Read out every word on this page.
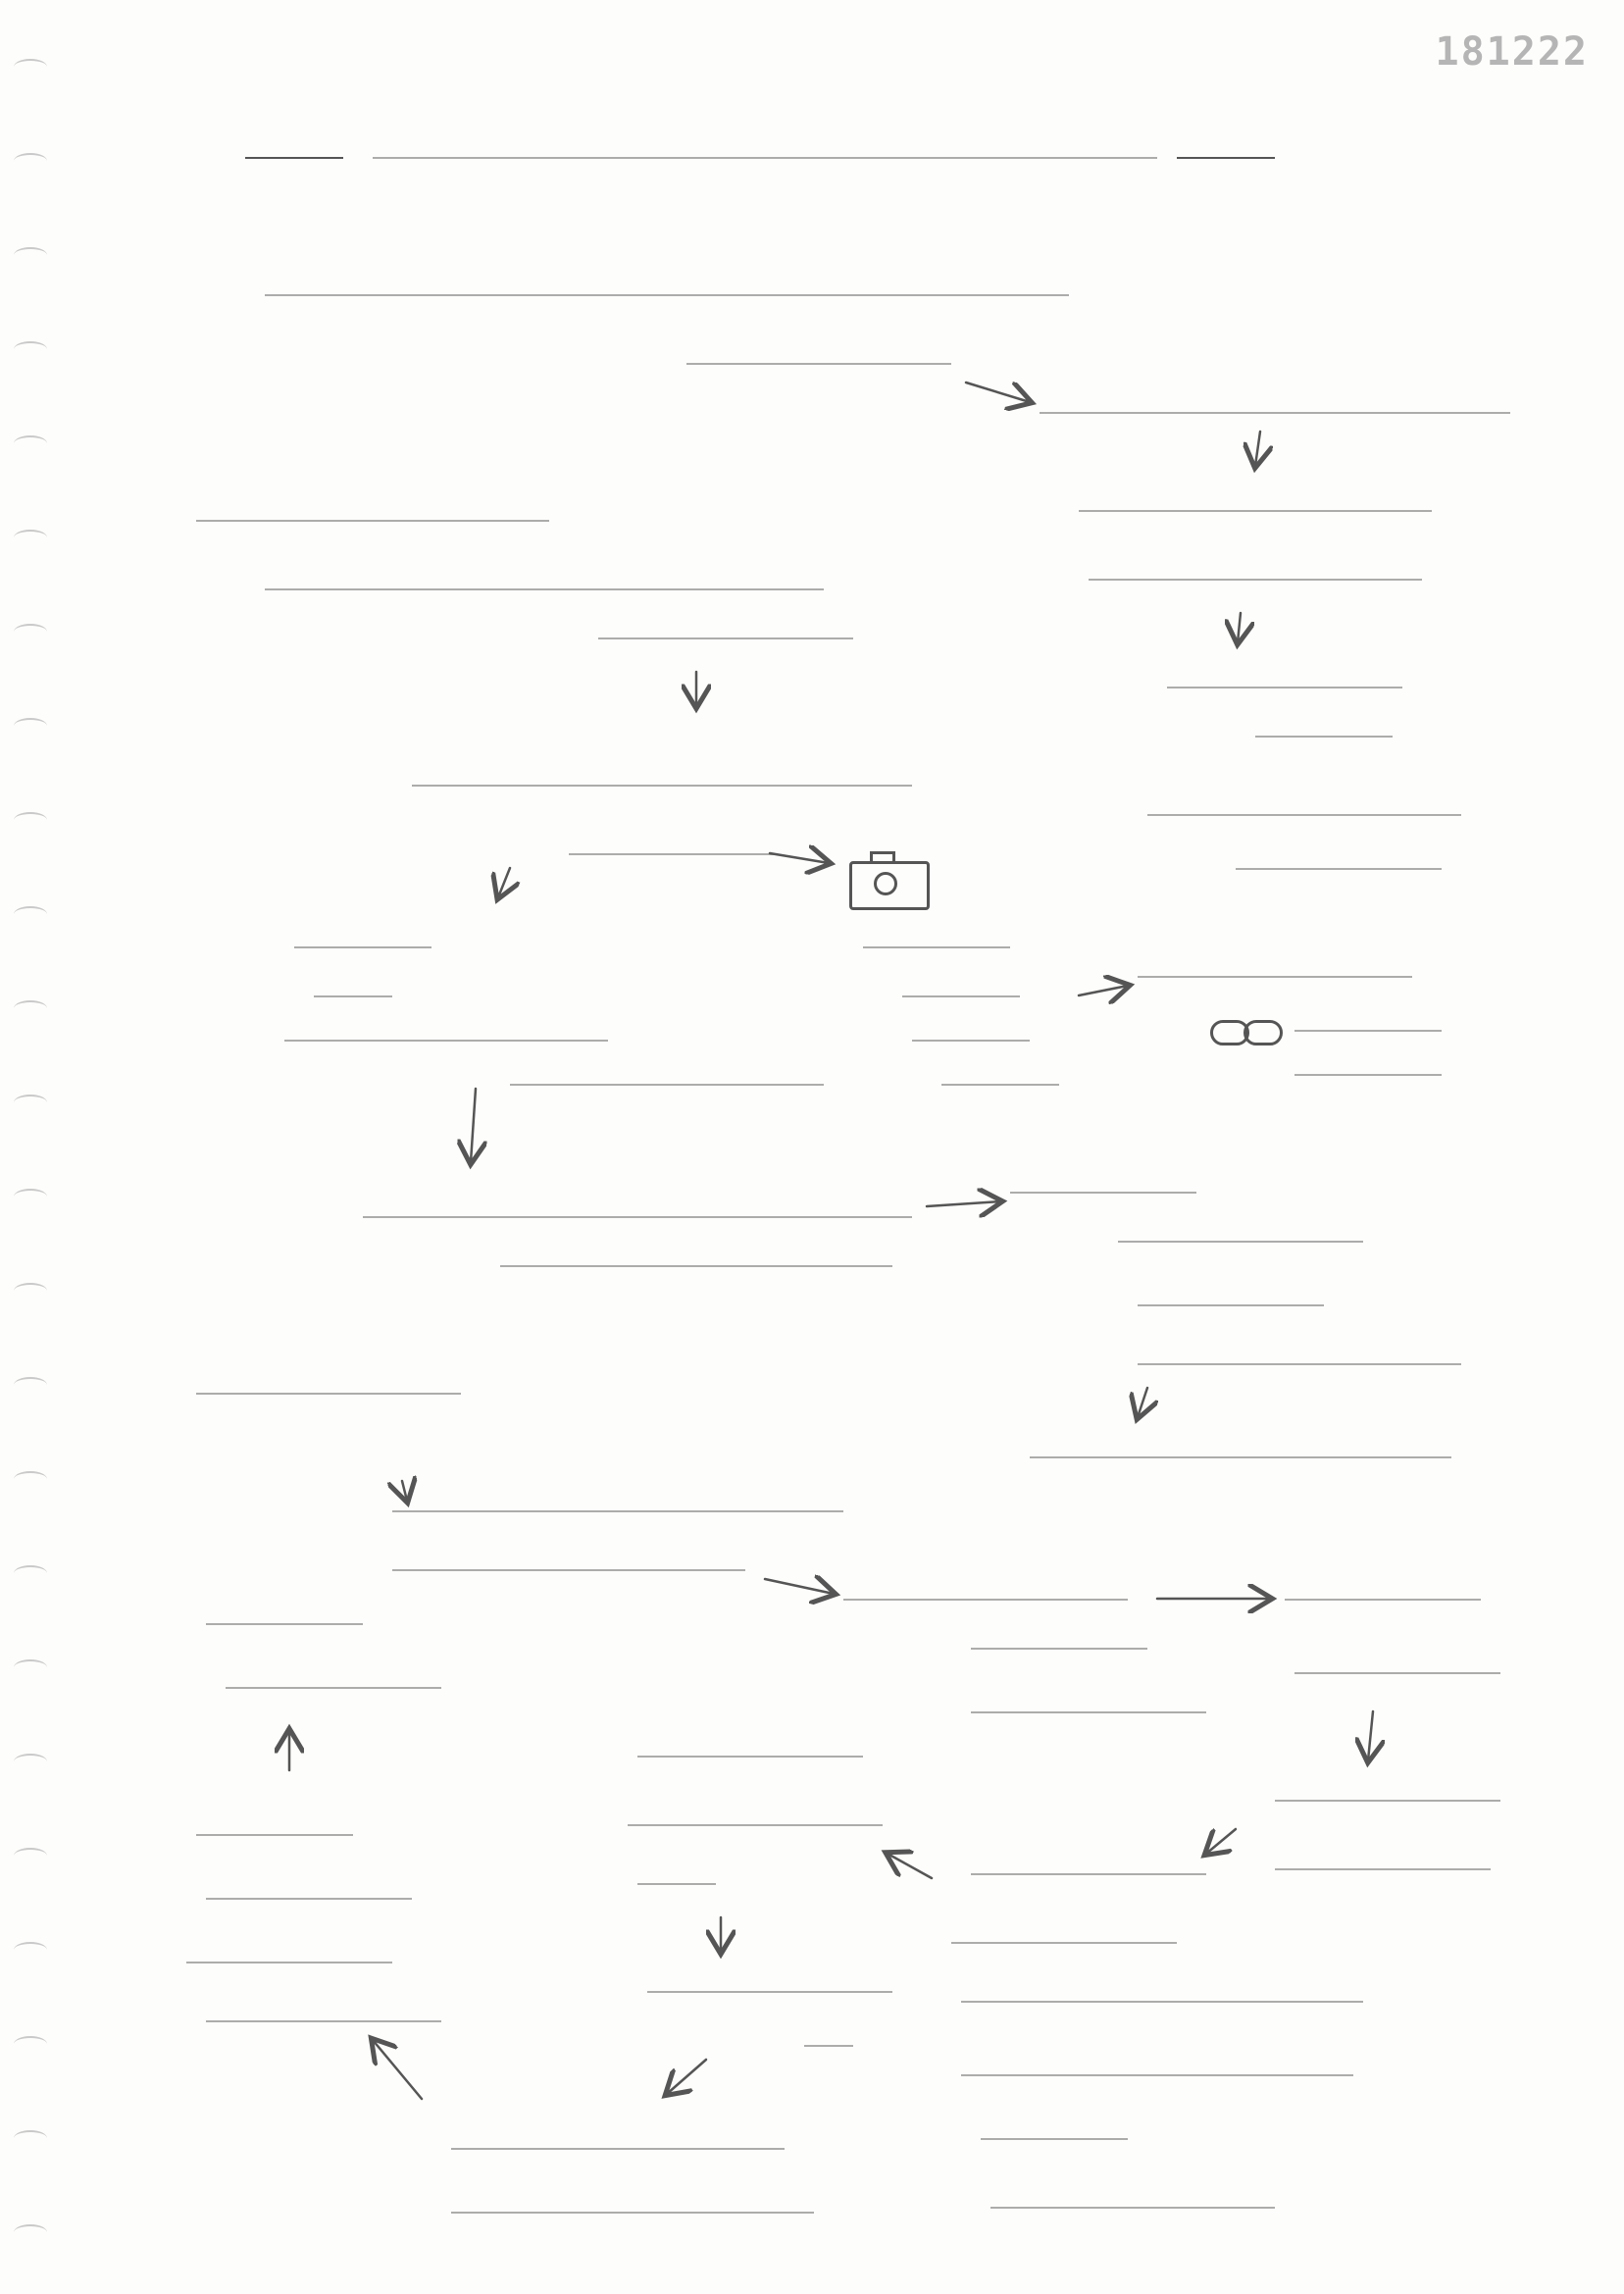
181222
